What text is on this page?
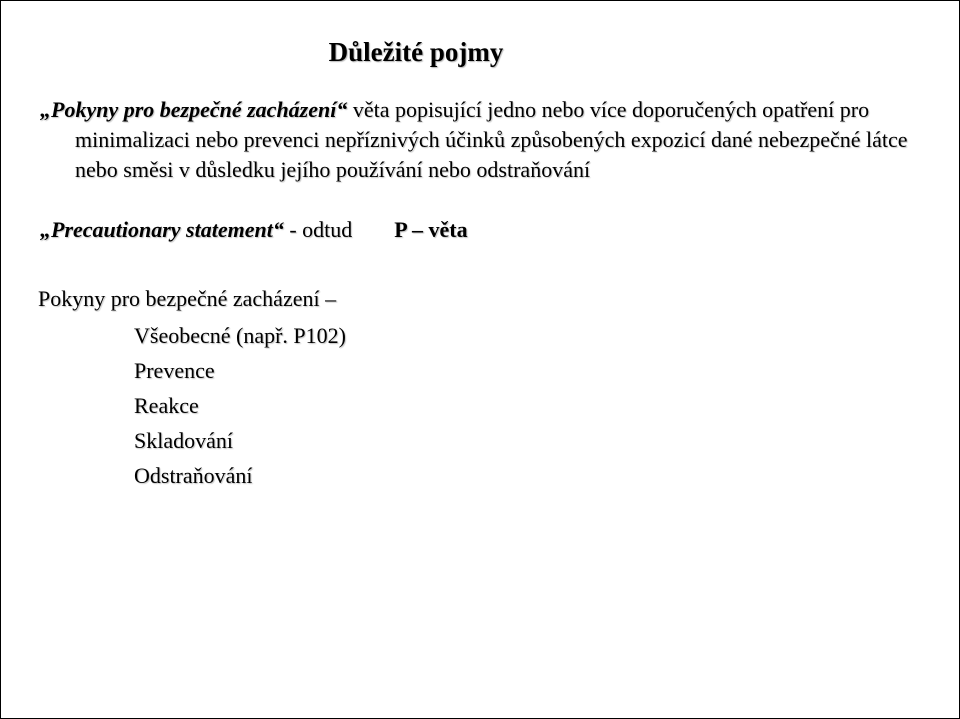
Důležité pojmy
„Pokyny pro bezpečné zacházení“ věta popisující jedno nebo více doporučených opatření pro minimalizaci nebo prevenci nepříznivých účinků způsobených expozicí dané nebezpečné látce nebo směsi v důsledku jejího používání nebo odstraňování
„Precautionary statement“ - odtud P – věta
Pokyny pro bezpečné zacházení –
Všeobecné (např. P102)
Prevence
Reakce
Skladování
Odstraňování
